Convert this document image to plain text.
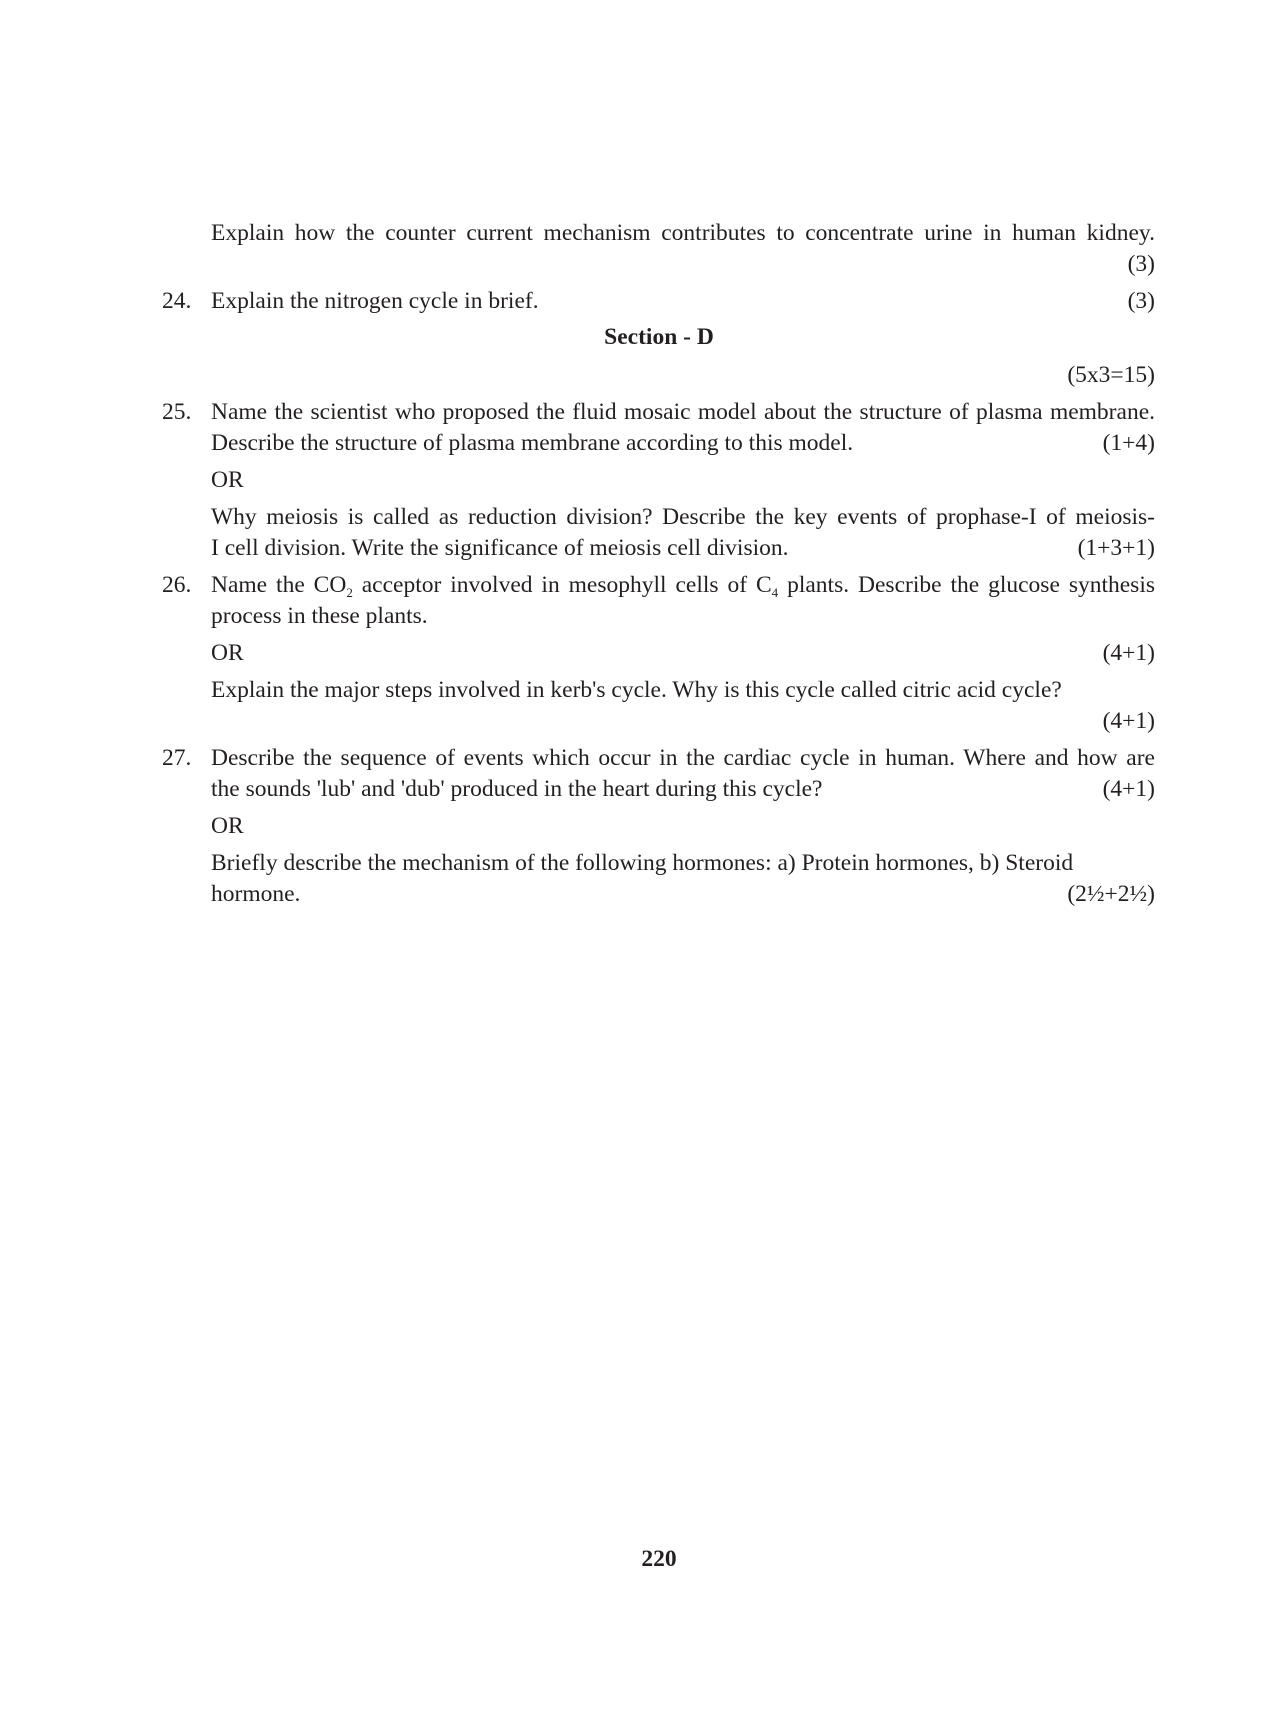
Explain how the counter current mechanism contributes to concentrate urine in human kidney.
(3)
24. Explain the nitrogen cycle in brief.	(3)
Section - D
(5x3=15)
25. Name the scientist who proposed the fluid mosaic model about the structure of plasma membrane.
Describe the structure of plasma membrane according to this model.	(1+4)
OR
Why meiosis is called as reduction division? Describe the key events of prophase-I of meiosis-
I cell division. Write the significance of meiosis cell division.	(1+3+1)
26. Name the $CO_2$ acceptor involved in mesophyll cells of $C_4$ plants. Describe the glucose synthesis
process in these plants.
OR	(4+1)
Explain the major steps involved in kerb's cycle. Why is this cycle called citric acid cycle?
(4+1)
27. Describe the sequence of events which occur in the cardiac cycle in human. Where and how are
the sounds 'lub' and 'dub' produced in the heart during this cycle?	(4+1)
OR
Briefly describe the mechanism of the following hormones: a) Protein hormones, b) Steroid
hormone.	(2½+2½)
220
